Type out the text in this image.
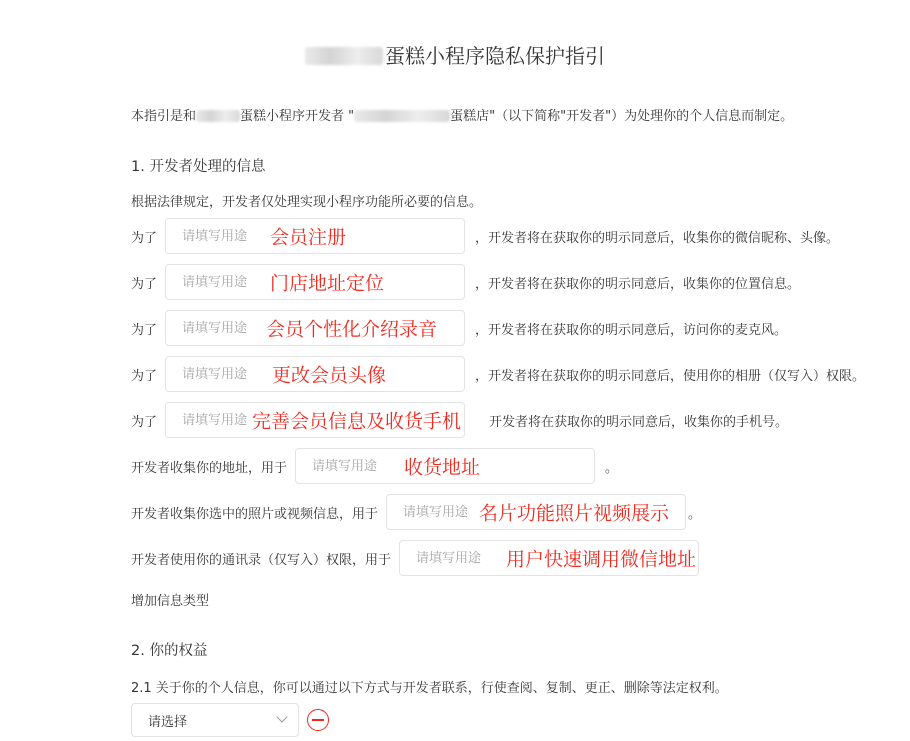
蛋糕小程序隐私保护指引
本指引是和	蛋糕小程序开发者 "	蛋糕店"（以下简称"开发者"）为处理你的个人信息而制定。
1. 开发者处理的信息
根据法律规定，开发者仅处理实现小程序功能所必要的信息。
为了
请填写用途	会员注册	，开发者将在获取你的明示同意后，收集你的微信昵称、头像。
为了
请填写用途	门店地址定位	，开发者将在获取你的明示同意后，收集你的位置信息。
为了
请填写用途	会员个性化介绍录音	，开发者将在获取你的明示同意后，访问你的麦克风。
为了
请填写用途	更改会员头像	，开发者将在获取你的明示同意后，使用你的相册（仅写入）权限。
为了
请填写用途	完善会员信息及收货手机 开发者将在获取你的明示同意后，收集你的手机号。
开发者收集你的地址，用于
请填写用途	收货地址	。
开发者收集你选中的照片或视频信息，用于
请填写用途	名片功能照片视频展示 。
开发者使用你的通讯录（仅写入）权限，用于
请填写用途	用户快速调用微信地址
增加信息类型
2. 你的权益
2.1 关于你的个人信息，你可以通过以下方式与开发者联系，行使查阅、复制、更正、删除等法定权利。
请选择
